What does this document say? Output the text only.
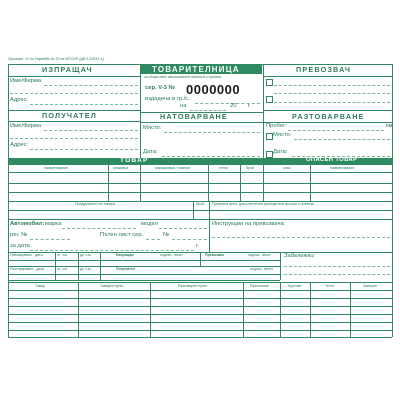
Приложе. 13 по Наредба № 33 на МТСИП (ДВ 13/2011 г.)
ИЗПРАЩАЧ
Име/Фирма
Адрес:
ТОВАРИТЕЛНИЦА
за обществен автомобилен превоз в страната
сер. V-3 № 0000000
издадена в гр./с.
на	20 г.
ПРЕВОЗВАЧ
ПОЛУЧАТЕЛ
Име/Фирма
Адрес:
НАТОВАРВАНЕ
Място:
Дата:
РАЗТОВАРВАНЕ
Пробег:	км
Място:
Дата:
ТОВАР	ОПАСЕН ТОВАР
наименование	опаковка	маркировка / номера	тегло	брой	клас	наименование
Придружител на товара	брой Превозна цена, допълнителни разходи във връзка с превоза
Автомобил: марка	модел
рег. №	Пътен лист сер.	№
за дата	г.
Инструкции на превозвача:
Натоварване - дата	от ч.м.	до ч.м.	Изпращач	подпис, печат	Превозвач	подпис, печат
Разтоварване - дата	от ч.м.	до ч.м.	Получател	подпис, печат
Забележки:
Товар	Товарен пункт	Разтоварен пункт	Разстояние	Курсове	Тегло	Заверка
